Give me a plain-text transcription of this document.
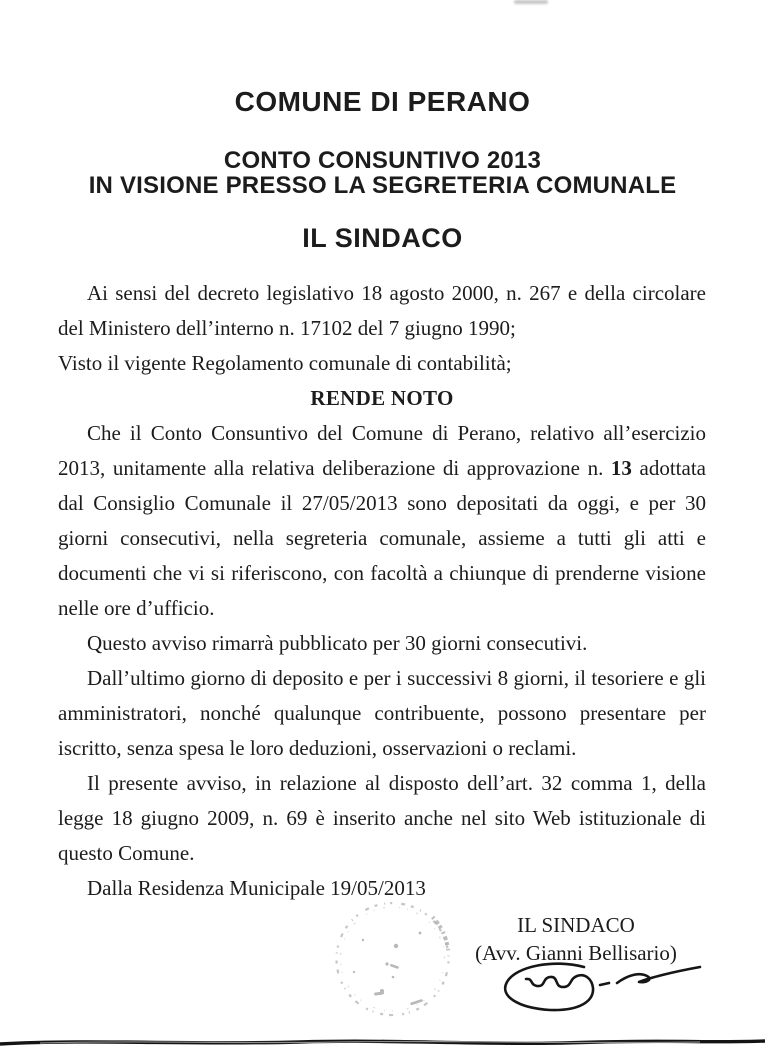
COMUNE DI PERANO
CONTO CONSUNTIVO 2013
IN VISIONE PRESSO LA SEGRETERIA COMUNALE
IL SINDACO

Ai sensi del decreto legislativo 18 agosto 2000, n. 267 e della circolare del Ministero dell’interno n. 17102 del 7 giugno 1990;

Visto il vigente Regolamento comunale di contabilità;

RENDE NOTO

Che il Conto Consuntivo del Comune di Perano, relativo all’esercizio 2013, unitamente alla relativa deliberazione di approvazione n. 13 adottata dal Consiglio Comunale il 27/05/2013 sono depositati da oggi, e per 30 giorni consecutivi, nella segreteria comunale, assieme a tutti gli atti e documenti che vi si riferiscono, con facoltà a chiunque di prenderne visione nelle ore d’ufficio.

Questo avviso rimarrà pubblicato per 30 giorni consecutivi.

Dall’ultimo giorno di deposito e per i successivi 8 giorni, il tesoriere e gli amministratori, nonché qualunque contribuente, possono presentare per iscritto, senza spesa le loro deduzioni, osservazioni o reclami.

Il presente avviso, in relazione al disposto dell’art. 32 comma 1, della legge 18 giugno 2009, n. 69 è inserito anche nel sito Web istituzionale di questo Comune.

Dalla Residenza Municipale 19/05/2013

IL SINDACO
(Avv. Gianni Bellisario)
